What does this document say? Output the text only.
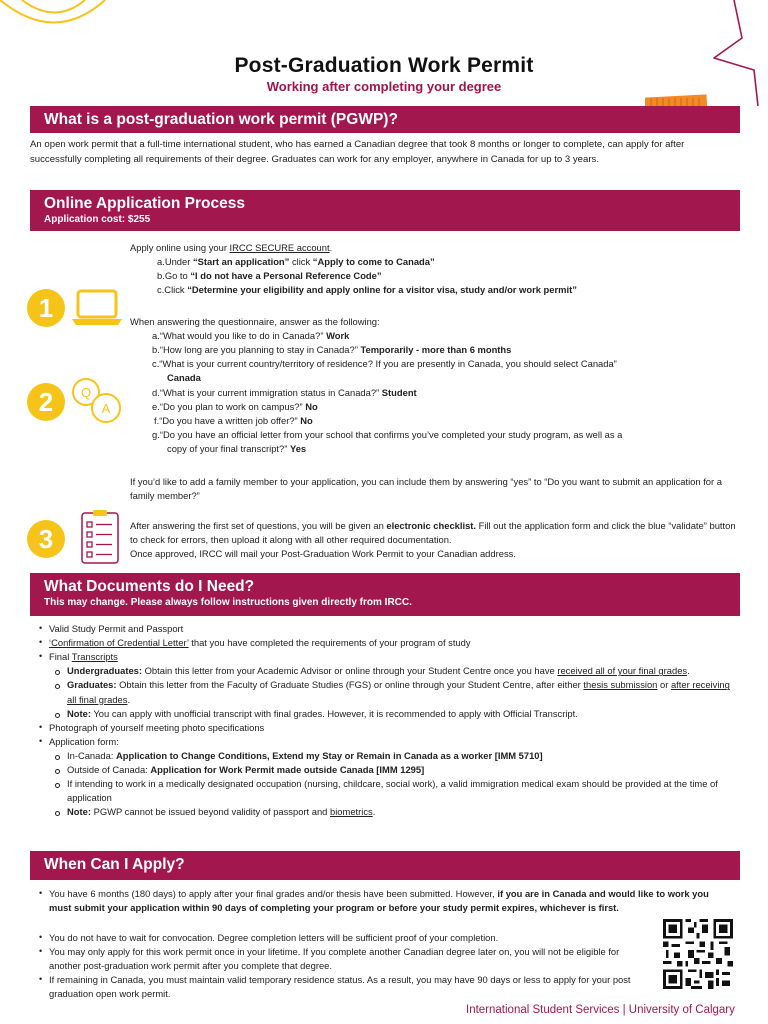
Post-Graduation Work Permit
Working after completing your degree
What is a post-graduation work permit (PGWP)?
An open work permit that a full-time international student, who has earned a Canadian degree that took 8 months or longer to complete, can apply for after successfully completing all requirements of their degree. Graduates can work for any employer, anywhere in Canada for up to 3 years.
Online Application Process
Application cost: $255
1
Apply online using your IRCC SECURE account.
a.Under “Start an application” click “Apply to come to Canada”
b.Go to “I do not have a Personal Reference Code”
c.Click “Determine your eligibility and apply online for a visitor visa, study and/or work permit”
2 Q
A
When answering the questionnaire, answer as the following:
a.“What would you like to do in Canada?” Work
b.“How long are you planning to stay in Canada?” Temporarily - more than 6 months
c.“What is your current country/territory of residence? If you are presently in Canada, you should select Canada”
Canada
d.“What is your current immigration status in Canada?” Student
e.“Do you plan to work on campus?” No
f.“Do you have a written job offer?” No
g.“Do you have an official letter from your school that confirms you’ve completed your study program, as well as a
copy of your final transcript?” Yes
If you’d like to add a family member to your application, you can include them by answering “yes” to “Do you want to submit an application for a family member?”
3	After answering the first set of questions, you will be given an electronic checklist. Fill out the application form and click the blue “validate” button to check for errors, then upload it along with all other required documentation.
Once approved, IRCC will mail your Post-Graduation Work Permit to your Canadian address.
What Documents do I Need?
This may change. Please always follow instructions given directly from IRCC.
• Valid Study Permit and Passport
• ‘Confirmation of Credential Letter’ that you have completed the requirements of your program of study
• Final Transcripts
Undergraduates: Obtain this letter from your Academic Advisor or online through your Student Centre once you have received all of your final grades.
Graduates: Obtain this letter from the Faculty of Graduate Studies (FGS) or online through your Student Centre, after either thesis submission or after receiving all final grades.
Note: You can apply with unofficial transcript with final grades. However, it is recommended to apply with Official Transcript.
• Photograph of yourself meeting photo specifications
• Application form:
In-Canada: Application to Change Conditions, Extend my Stay or Remain in Canada as a worker [IMM 5710]
Outside of Canada: Application for Work Permit made outside Canada [IMM 1295]
If intending to work in a medically designated occupation (nursing, childcare, social work), a valid immigration medical exam should be provided at the time of application
Note: PGWP cannot be issued beyond validity of passport and biometrics.
When Can I Apply?
• You have 6 months (180 days) to apply after your final grades and/or thesis have been submitted. However, if you are in Canada and would like to work you must submit your application within 90 days of completing your program or before your study permit expires, whichever is first.
• You do not have to wait for convocation. Degree completion letters will be sufficient proof of your completion.
• You may only apply for this work permit once in your lifetime. If you complete another Canadian degree later on, you will not be eligible for another post-graduation work permit after you complete that degree.
• If remaining in Canada, you must maintain valid temporary residence status. As a result, you may have 90 days or less to apply for your post graduation open work permit.
International Student Services | University of Calgary
